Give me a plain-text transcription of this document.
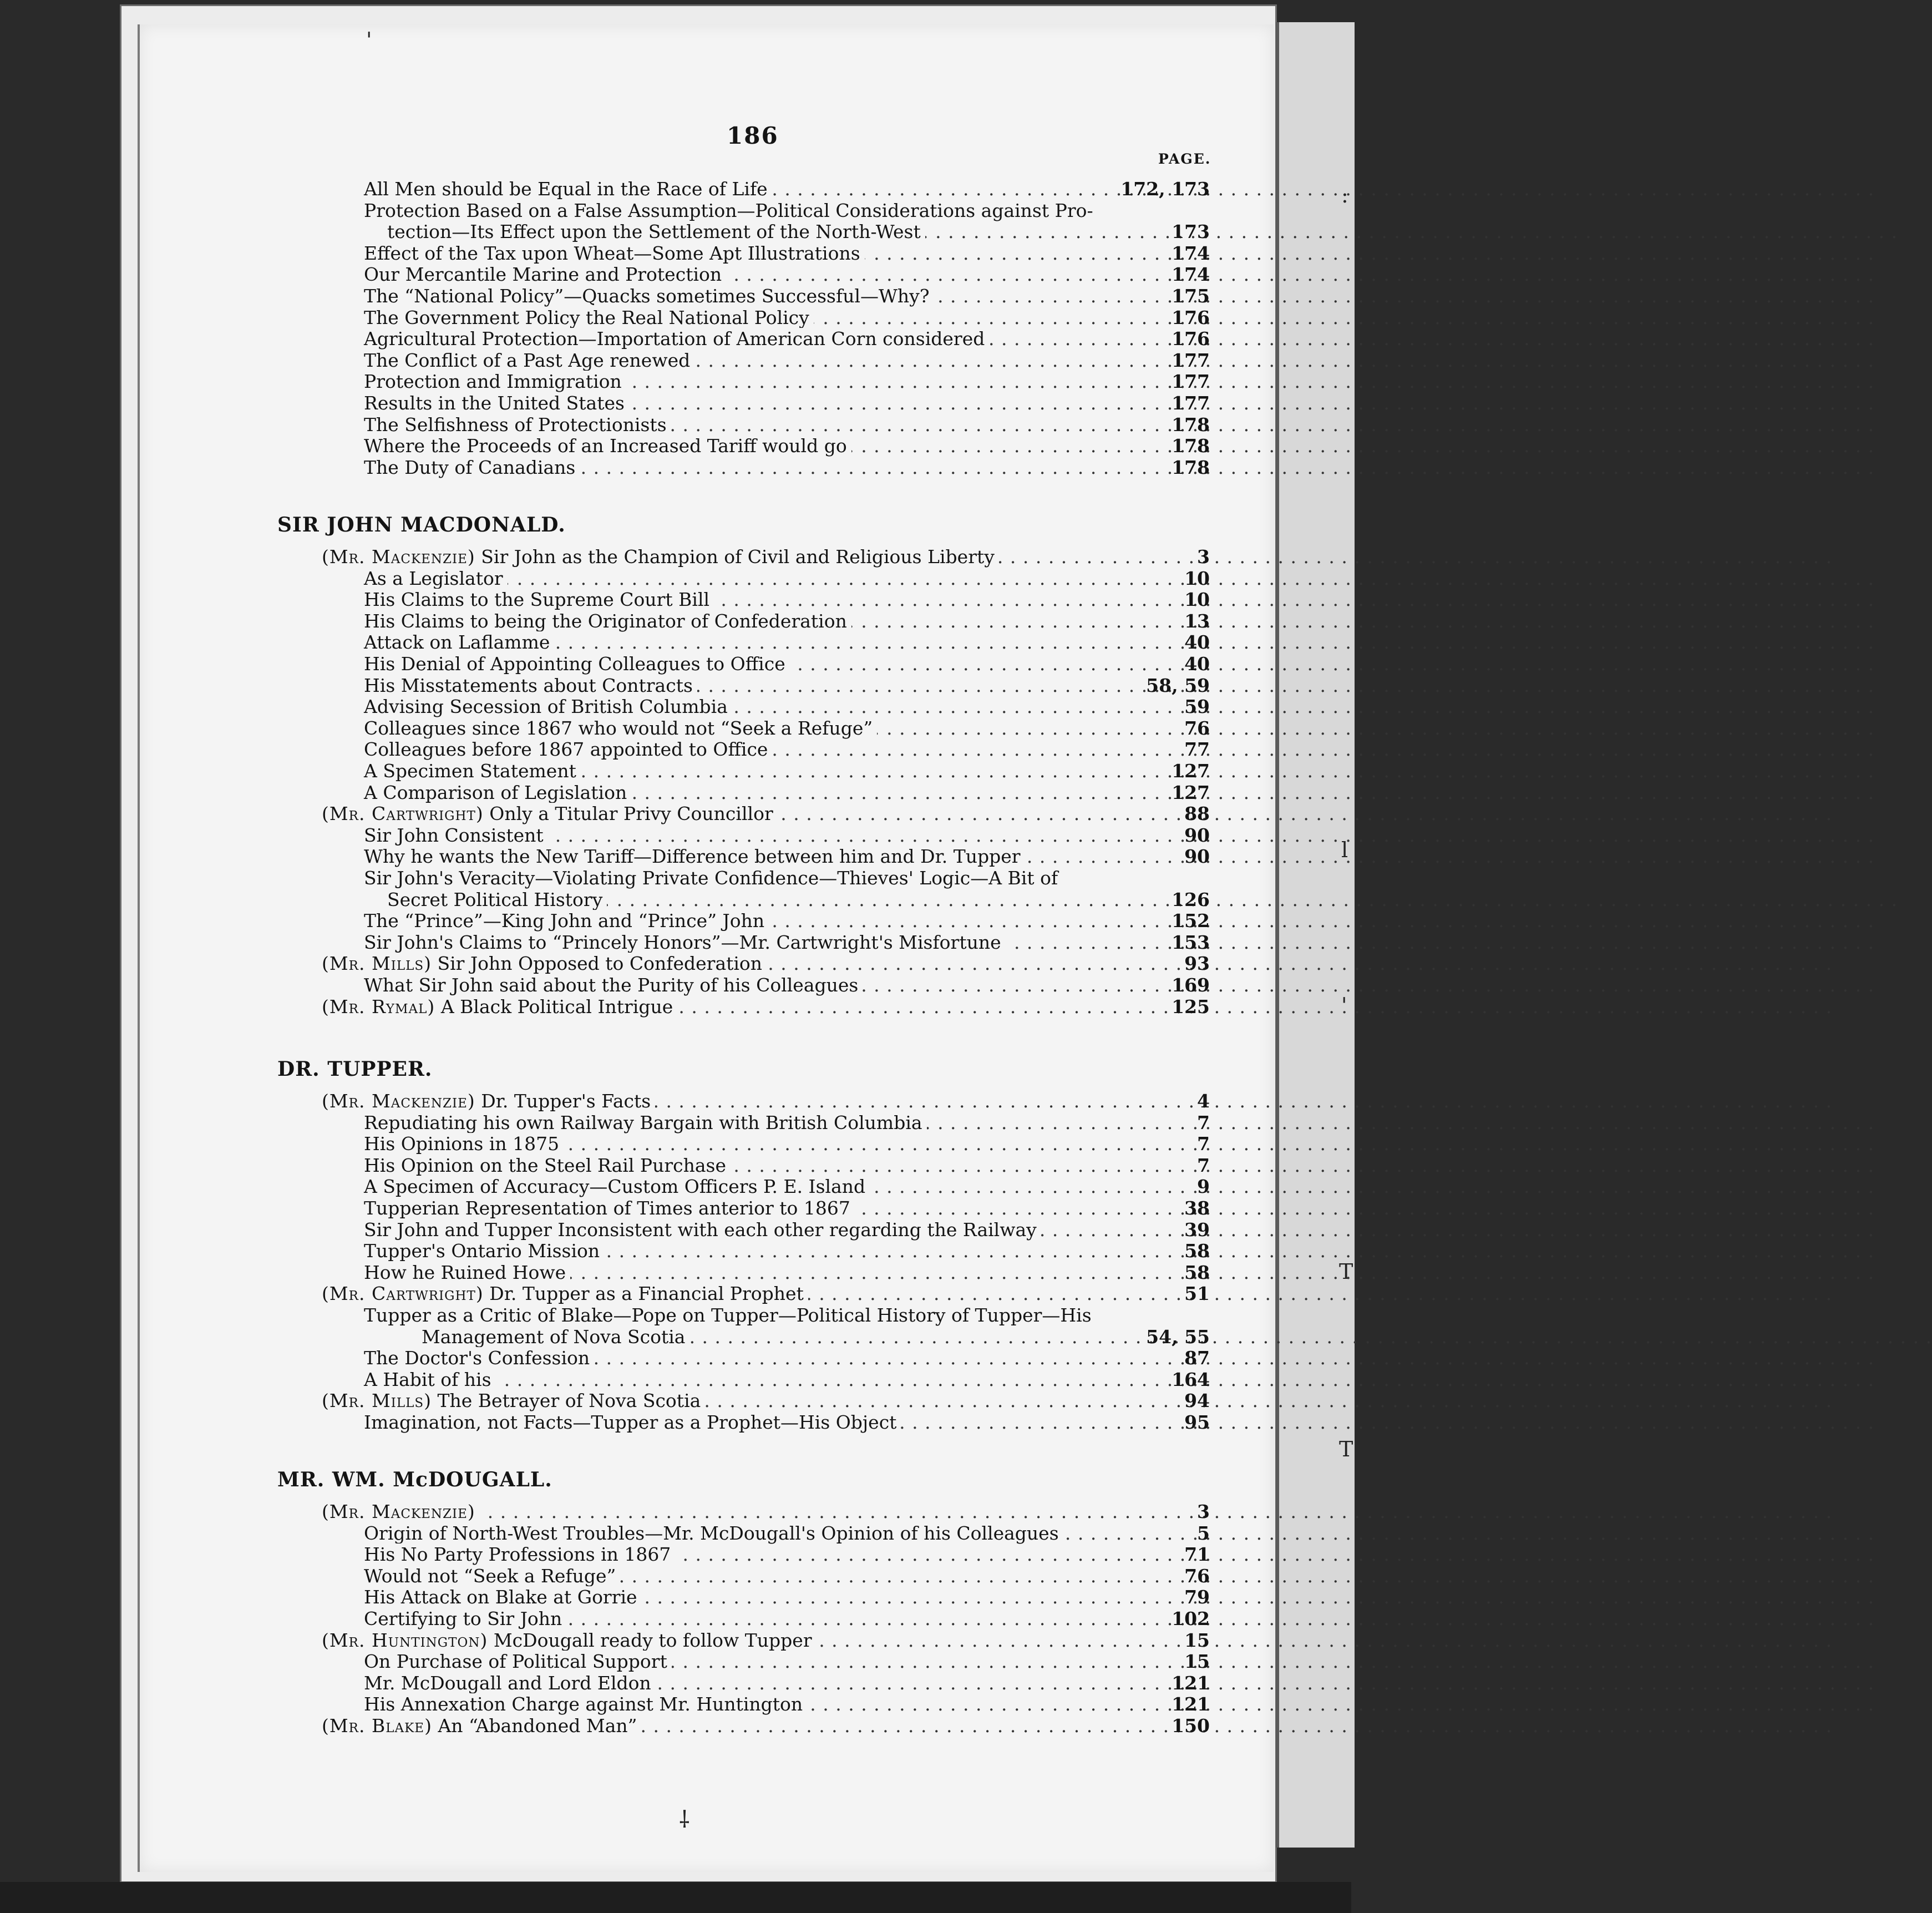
:
l
'
T
T
'
186
PAGE.
All Men should be Equal in the Race of Life . . .	172, 173
Protection Based on a False Assumption—Political Considerations against Pro-
tection—Its Effect upon the Settlement of the North-West . . .	173
Effect of the Tax upon Wheat—Some Apt Illustrations . . .	174
Our Mercantile Marine and Protection . . .	174
The “National Policy”—Quacks sometimes Successful—Why? . . .	175
The Government Policy the Real National Policy . . .	176
Agricultural Protection—Importation of American Corn considered . . .	176
The Conflict of a Past Age renewed . . .	177
Protection and Immigration . . .	177
Results in the United States . . .	177
The Selfishness of Protectionists . . .	178
Where the Proceeds of an Increased Tariff would go . . .	178
The Duty of Canadians . . .	178
SIR JOHN MACDONALD.
(Mr. Mackenzie) Sir John as the Champion of Civil and Religious Liberty . . .	3
As a Legislator . . .	10
His Claims to the Supreme Court Bill . . .	10
His Claims to being the Originator of Confederation . . .	13
Attack on Laflamme . . .	40
His Denial of Appointing Colleagues to Office . . .	40
His Misstatements about Contracts . . .	58, 59
Advising Secession of British Columbia . . .	59
Colleagues since 1867 who would not “Seek a Refuge” . . .	76
Colleagues before 1867 appointed to Office . . .	77
A Specimen Statement . . .	127
A Comparison of Legislation . . .	127
(Mr. Cartwright) Only a Titular Privy Councillor . . .	88
Sir John Consistent . . .	90
Why he wants the New Tariff—Difference between him and Dr. Tupper . . .	90
Sir John's Veracity—Violating Private Confidence—Thieves' Logic—A Bit of
Secret Political History . . .	126
The “Prince”—King John and “Prince” John . . .	152
Sir John's Claims to “Princely Honors”—Mr. Cartwright's Misfortune . . .	153
(Mr. Mills) Sir John Opposed to Confederation . . .	93
What Sir John said about the Purity of his Colleagues . . .	169
(Mr. Rymal) A Black Political Intrigue . . .	125
DR. TUPPER.
(Mr. Mackenzie) Dr. Tupper's Facts . . .	4
Repudiating his own Railway Bargain with British Columbia . . .	7
His Opinions in 1875 . . .	7
His Opinion on the Steel Rail Purchase . . .	7
A Specimen of Accuracy—Custom Officers P. E. Island . . .	9
Tupperian Representation of Times anterior to 1867 . . .	38
Sir John and Tupper Inconsistent with each other regarding the Railway . . .	39
Tupper's Ontario Mission . . .	58
How he Ruined Howe . . .	58
(Mr. Cartwright) Dr. Tupper as a Financial Prophet . . .	51
Tupper as a Critic of Blake—Pope on Tupper—Political History of Tupper—His
Management of Nova Scotia . . .	54, 55
The Doctor's Confession . . .	87
A Habit of his . . .	164
(Mr. Mills) The Betrayer of Nova Scotia . . .	94
Imagination, not Facts—Tupper as a Prophet—His Object . . .	95
MR. WM. McDOUGALL.
(Mr. Mackenzie) . . .	3
Origin of North-West Troubles—Mr. McDougall's Opinion of his Colleagues . . .	5
His No Party Professions in 1867 . . .	71
Would not “Seek a Refuge” . . .	76
His Attack on Blake at Gorrie . . .	79
Certifying to Sir John . . .	102
(Mr. Huntington) McDougall ready to follow Tupper . . .	15
On Purchase of Political Support . . .	15
Mr. McDougall and Lord Eldon . . .	121
His Annexation Charge against Mr. Huntington . . .	121
(Mr. Blake) An “Abandoned Man” . . .	150
⸸
